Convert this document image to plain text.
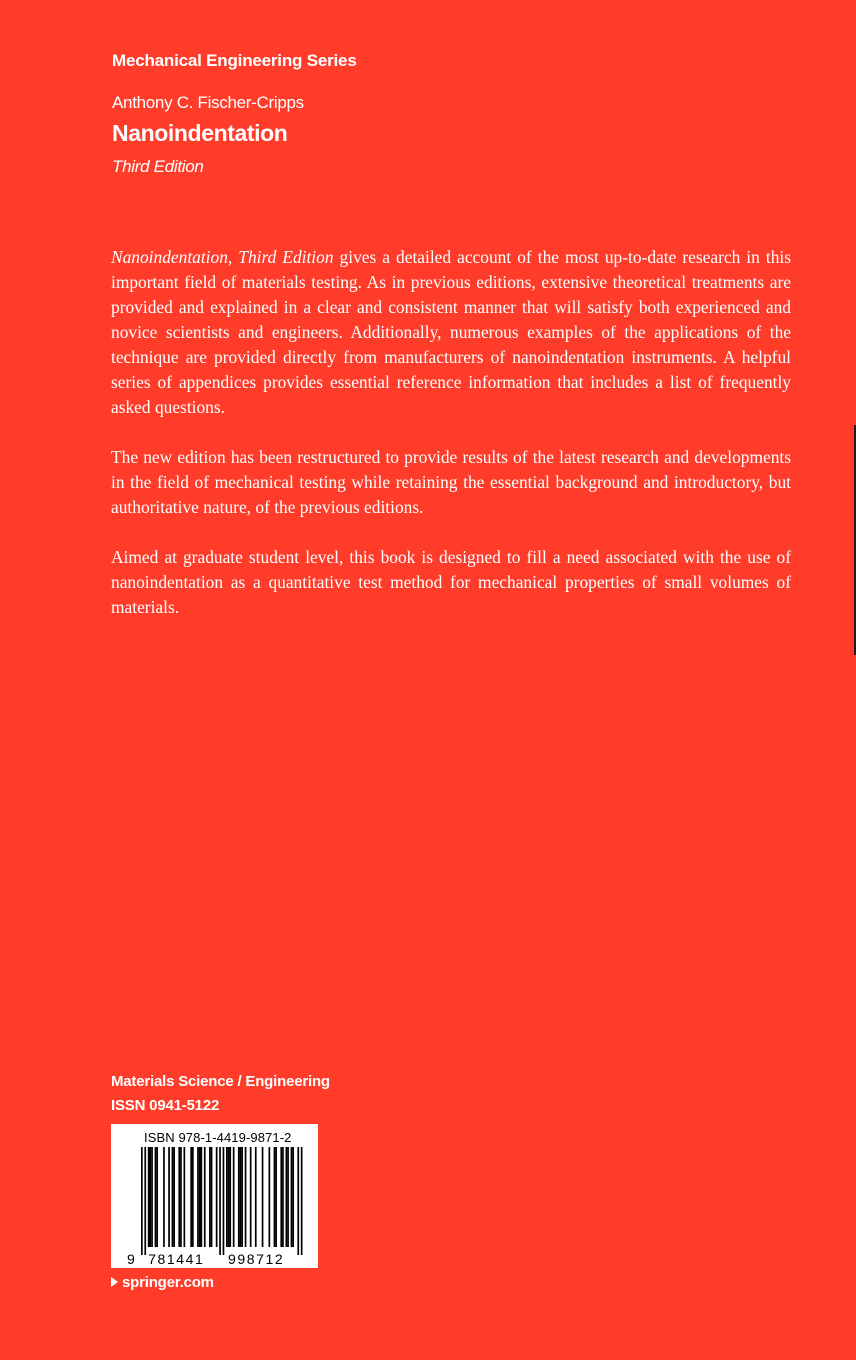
Mechanical Engineering Series
Anthony C. Fischer-Cripps
Nanoindentation
Third Edition

Nanoindentation, Third Edition gives a detailed account of the most up-to-date research in this important field of materials testing. As in previous editions, extensive theoretical treatments are provided and explained in a clear and consistent manner that will satisfy both experienced and novice scientists and engineers. Additionally, numerous examples of the applications of the technique are provided directly from manufacturers of nanoindentation instruments. A helpful series of appendices provides essential reference information that includes a list of frequently asked questions.

The new edition has been restructured to provide results of the latest research and developments in the field of mechanical testing while retaining the essential background and introductory, but authoritative nature, of the previous editions.

Aimed at graduate student level, this book is designed to fill a need associated with the use of nanoindentation as a quantitative test method for mechanical properties of small volumes of materials.

Materials Science / Engineering
ISSN 0941-5122
ISBN 978-1-4419-9871-2
9 781441 998712
springer.com
